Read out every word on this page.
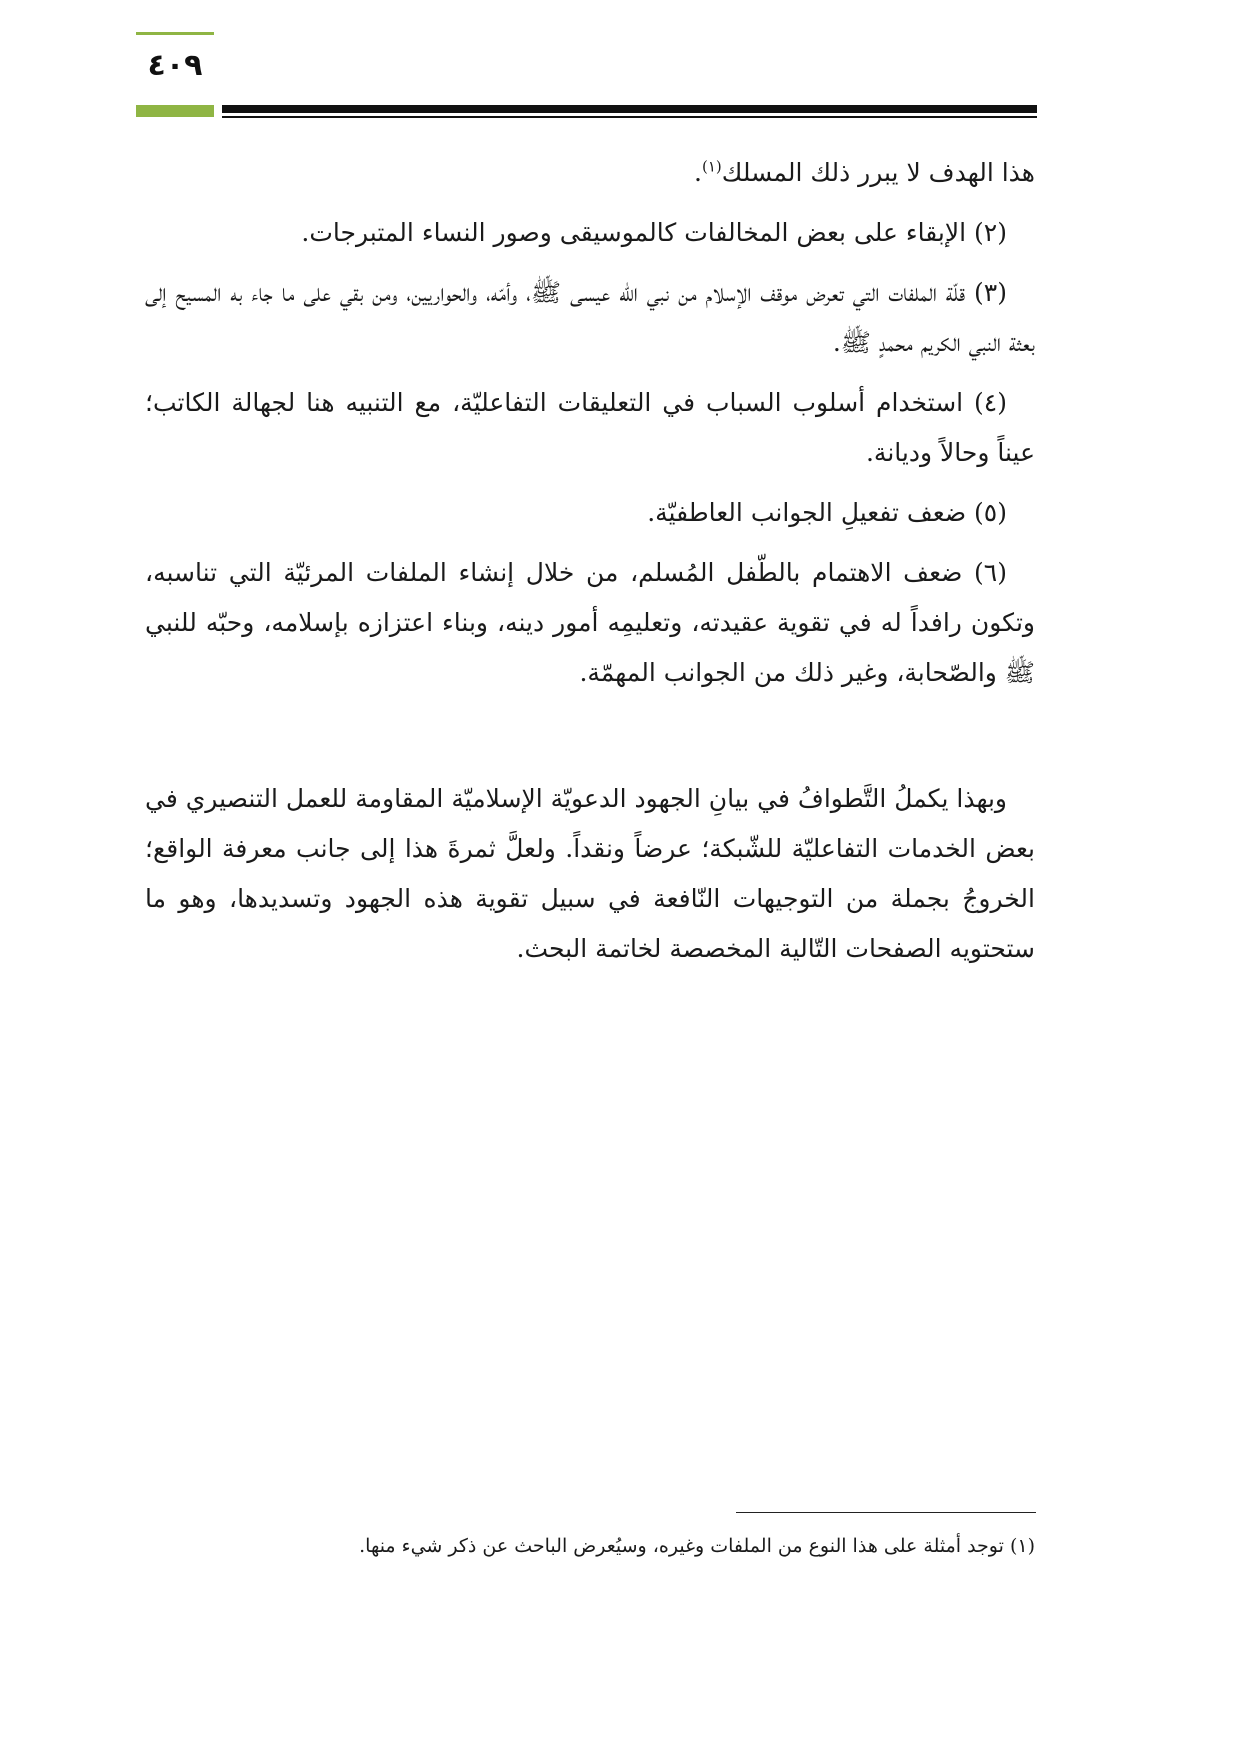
٤٠٩

هذا الهدف لا يبرر ذلك المسلك$^{(١)}$.

(٢) الإبقاء على بعض المخالفات كالموسيقى وصور النساء المتبرجات.

(٣) قلّة الملفات التي تعرض موقف الإسلام من نبي الله عيسى ﷺ، وأمّه، والحواريين، ومن بقي على ما جاء به المسيح إلى بعثة النبي الكريم محمدٍ ﷺ.

(٤) استخدام أسلوب السباب في التعليقات التفاعليّة، مع التنبيه هنا لجهالة الكاتب؛ عيناً وحالاً وديانة.

(٥) ضعف تفعيلِ الجوانب العاطفيّة.

(٦) ضعف الاهتمام بالطّفل المُسلم، من خلال إنشاء الملفات المرئيّة التي تناسبه، وتكون رافداً له في تقوية عقيدته، وتعليمِه أمور دينه، وبناء اعتزازه بإسلامه، وحبّه للنبي ﷺ والصّحابة، وغير ذلك من الجوانب المهمّة.

وبهذا يكملُ التَّطوافُ في بيانِ الجهود الدعويّة الإسلاميّة المقاومة للعمل التنصيري في بعض الخدمات التفاعليّة للشّبكة؛ عرضاً ونقداً. ولعلَّ ثمرةَ هذا إلى جانب معرفة الواقع؛ الخروجُ بجملة من التوجيهات النّافعة في سبيل تقوية هذه الجهود وتسديدها، وهو ما ستحتويه الصفحات التّالية المخصصة لخاتمة البحث.

(١) توجد أمثلة على هذا النوع من الملفات وغيره، وسيُعرض الباحث عن ذكر شيء منها.
